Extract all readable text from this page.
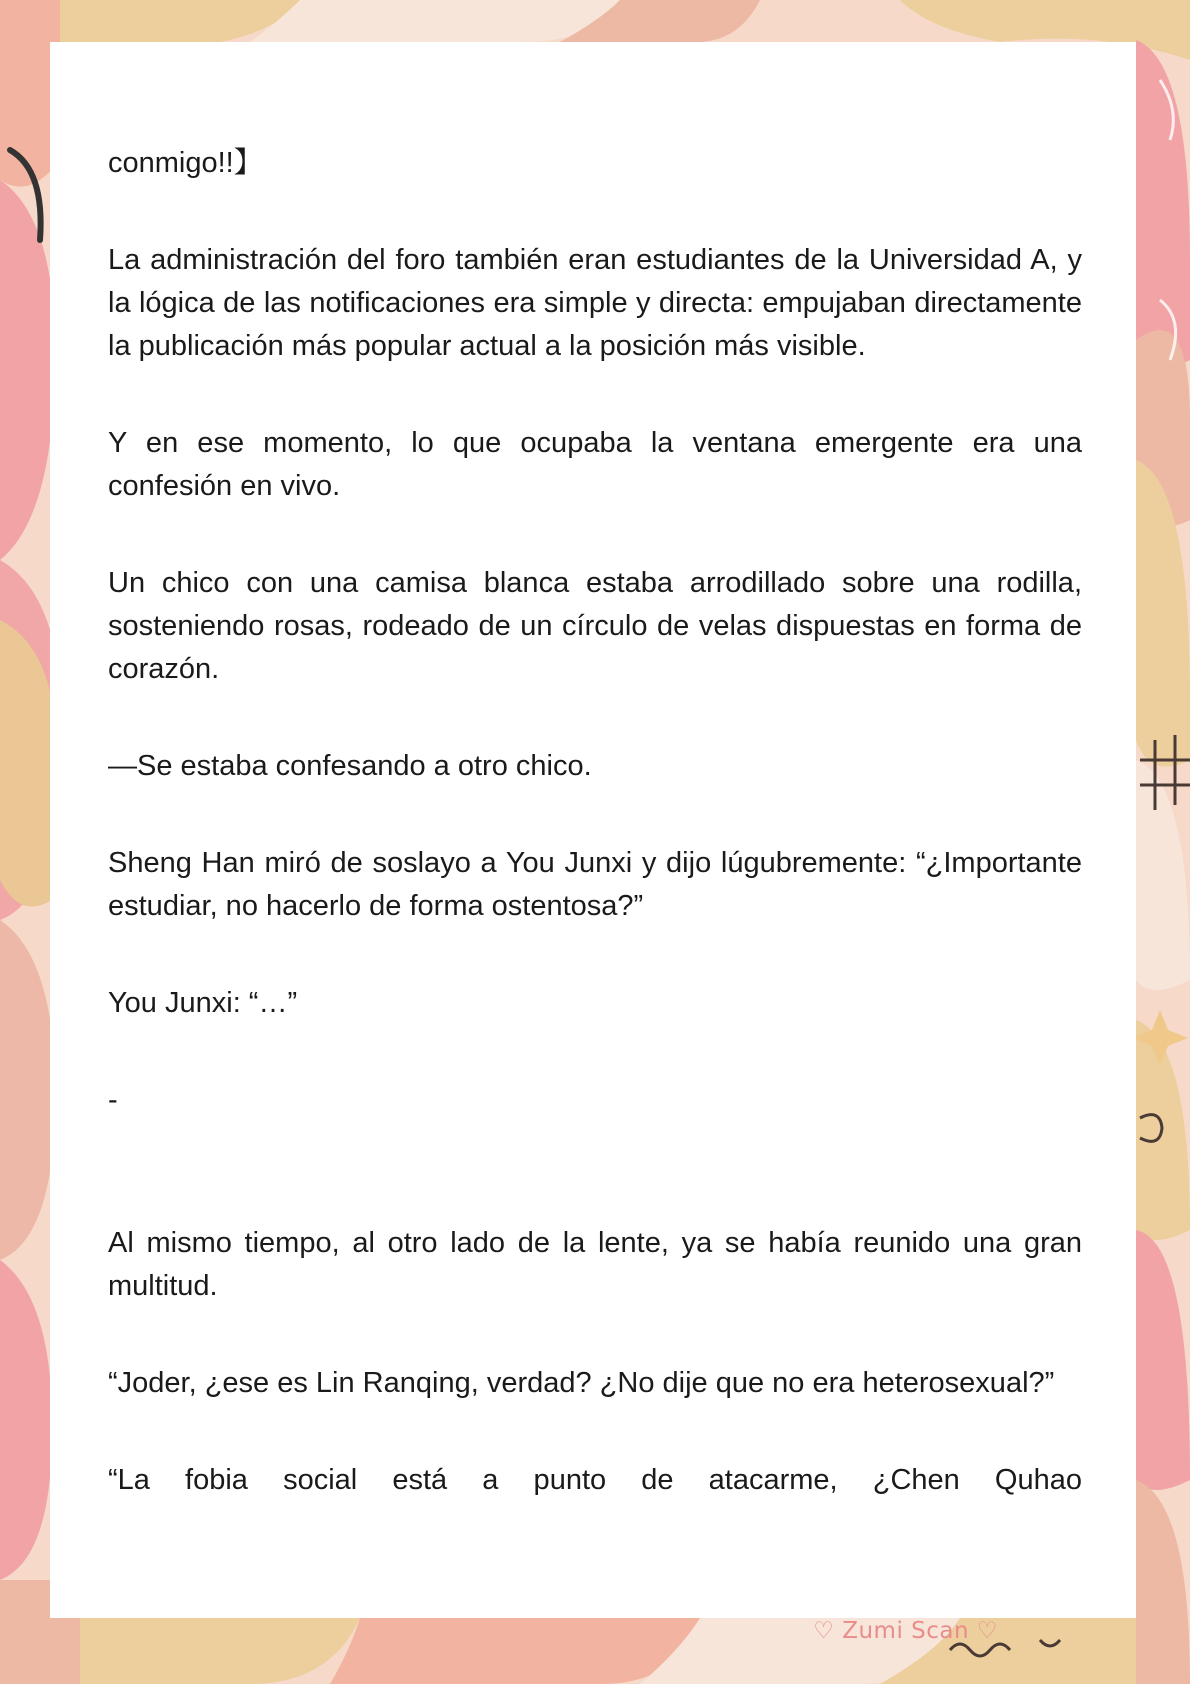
conmigo!!】

La administración del foro también eran estudiantes de la Universidad A, y la lógica de las notificaciones era simple y directa: empujaban directamente la publicación más popular actual a la posición más visible.

Y en ese momento, lo que ocupaba la ventana emergente era una confesión en vivo.

Un chico con una camisa blanca estaba arrodillado sobre una rodilla, sosteniendo rosas, rodeado de un círculo de velas dispuestas en forma de corazón.

—Se estaba confesando a otro chico.

Sheng Han miró de soslayo a You Junxi y dijo lúgubremente: “¿Importante estudiar, no hacerlo de forma ostentosa?”

You Junxi: “…”

-

Al mismo tiempo, al otro lado de la lente, ya se había reunido una gran multitud.

“Joder, ¿ese es Lin Ranqing, verdad? ¿No dije que no era heterosexual?”

“La fobia social está a punto de atacarme, ¿Chen Quhao

♡ Zumi Scan ♡
